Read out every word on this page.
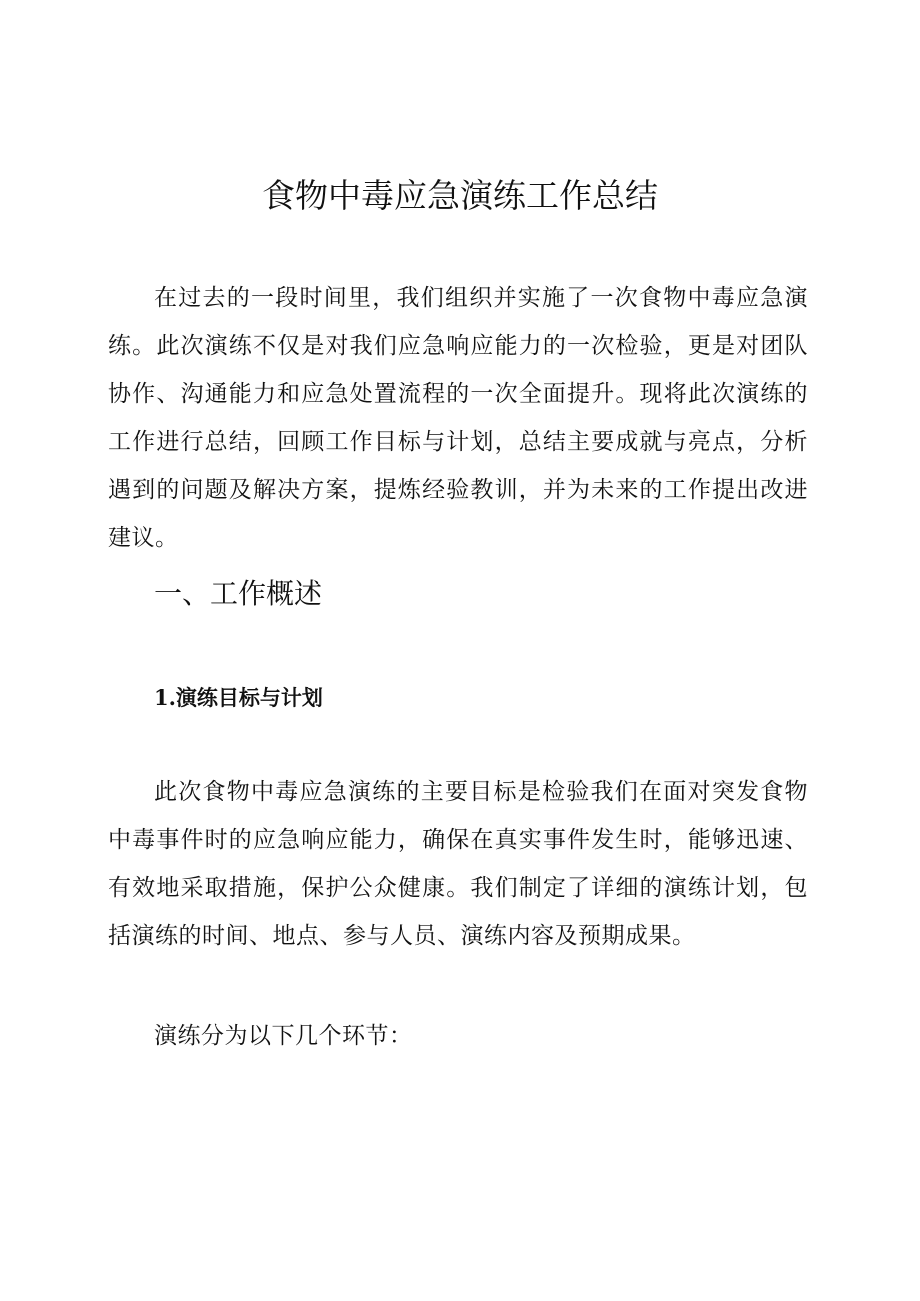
食物中毒应急演练工作总结

在过去的一段时间里，我们组织并实施了一次食物中毒应急演练。此次演练不仅是对我们应急响应能力的一次检验，更是对团队协作、沟通能力和应急处置流程的一次全面提升。现将此次演练的工作进行总结，回顾工作目标与计划，总结主要成就与亮点，分析遇到的问题及解决方案，提炼经验教训，并为未来的工作提出改进建议。

一、工作概述
1.演练目标与计划

此次食物中毒应急演练的主要目标是检验我们在面对突发食物中毒事件时的应急响应能力，确保在真实事件发生时，能够迅速、有效地采取措施，保护公众健康。我们制定了详细的演练计划，包括演练的时间、地点、参与人员、演练内容及预期成果。

演练分为以下几个环节：
